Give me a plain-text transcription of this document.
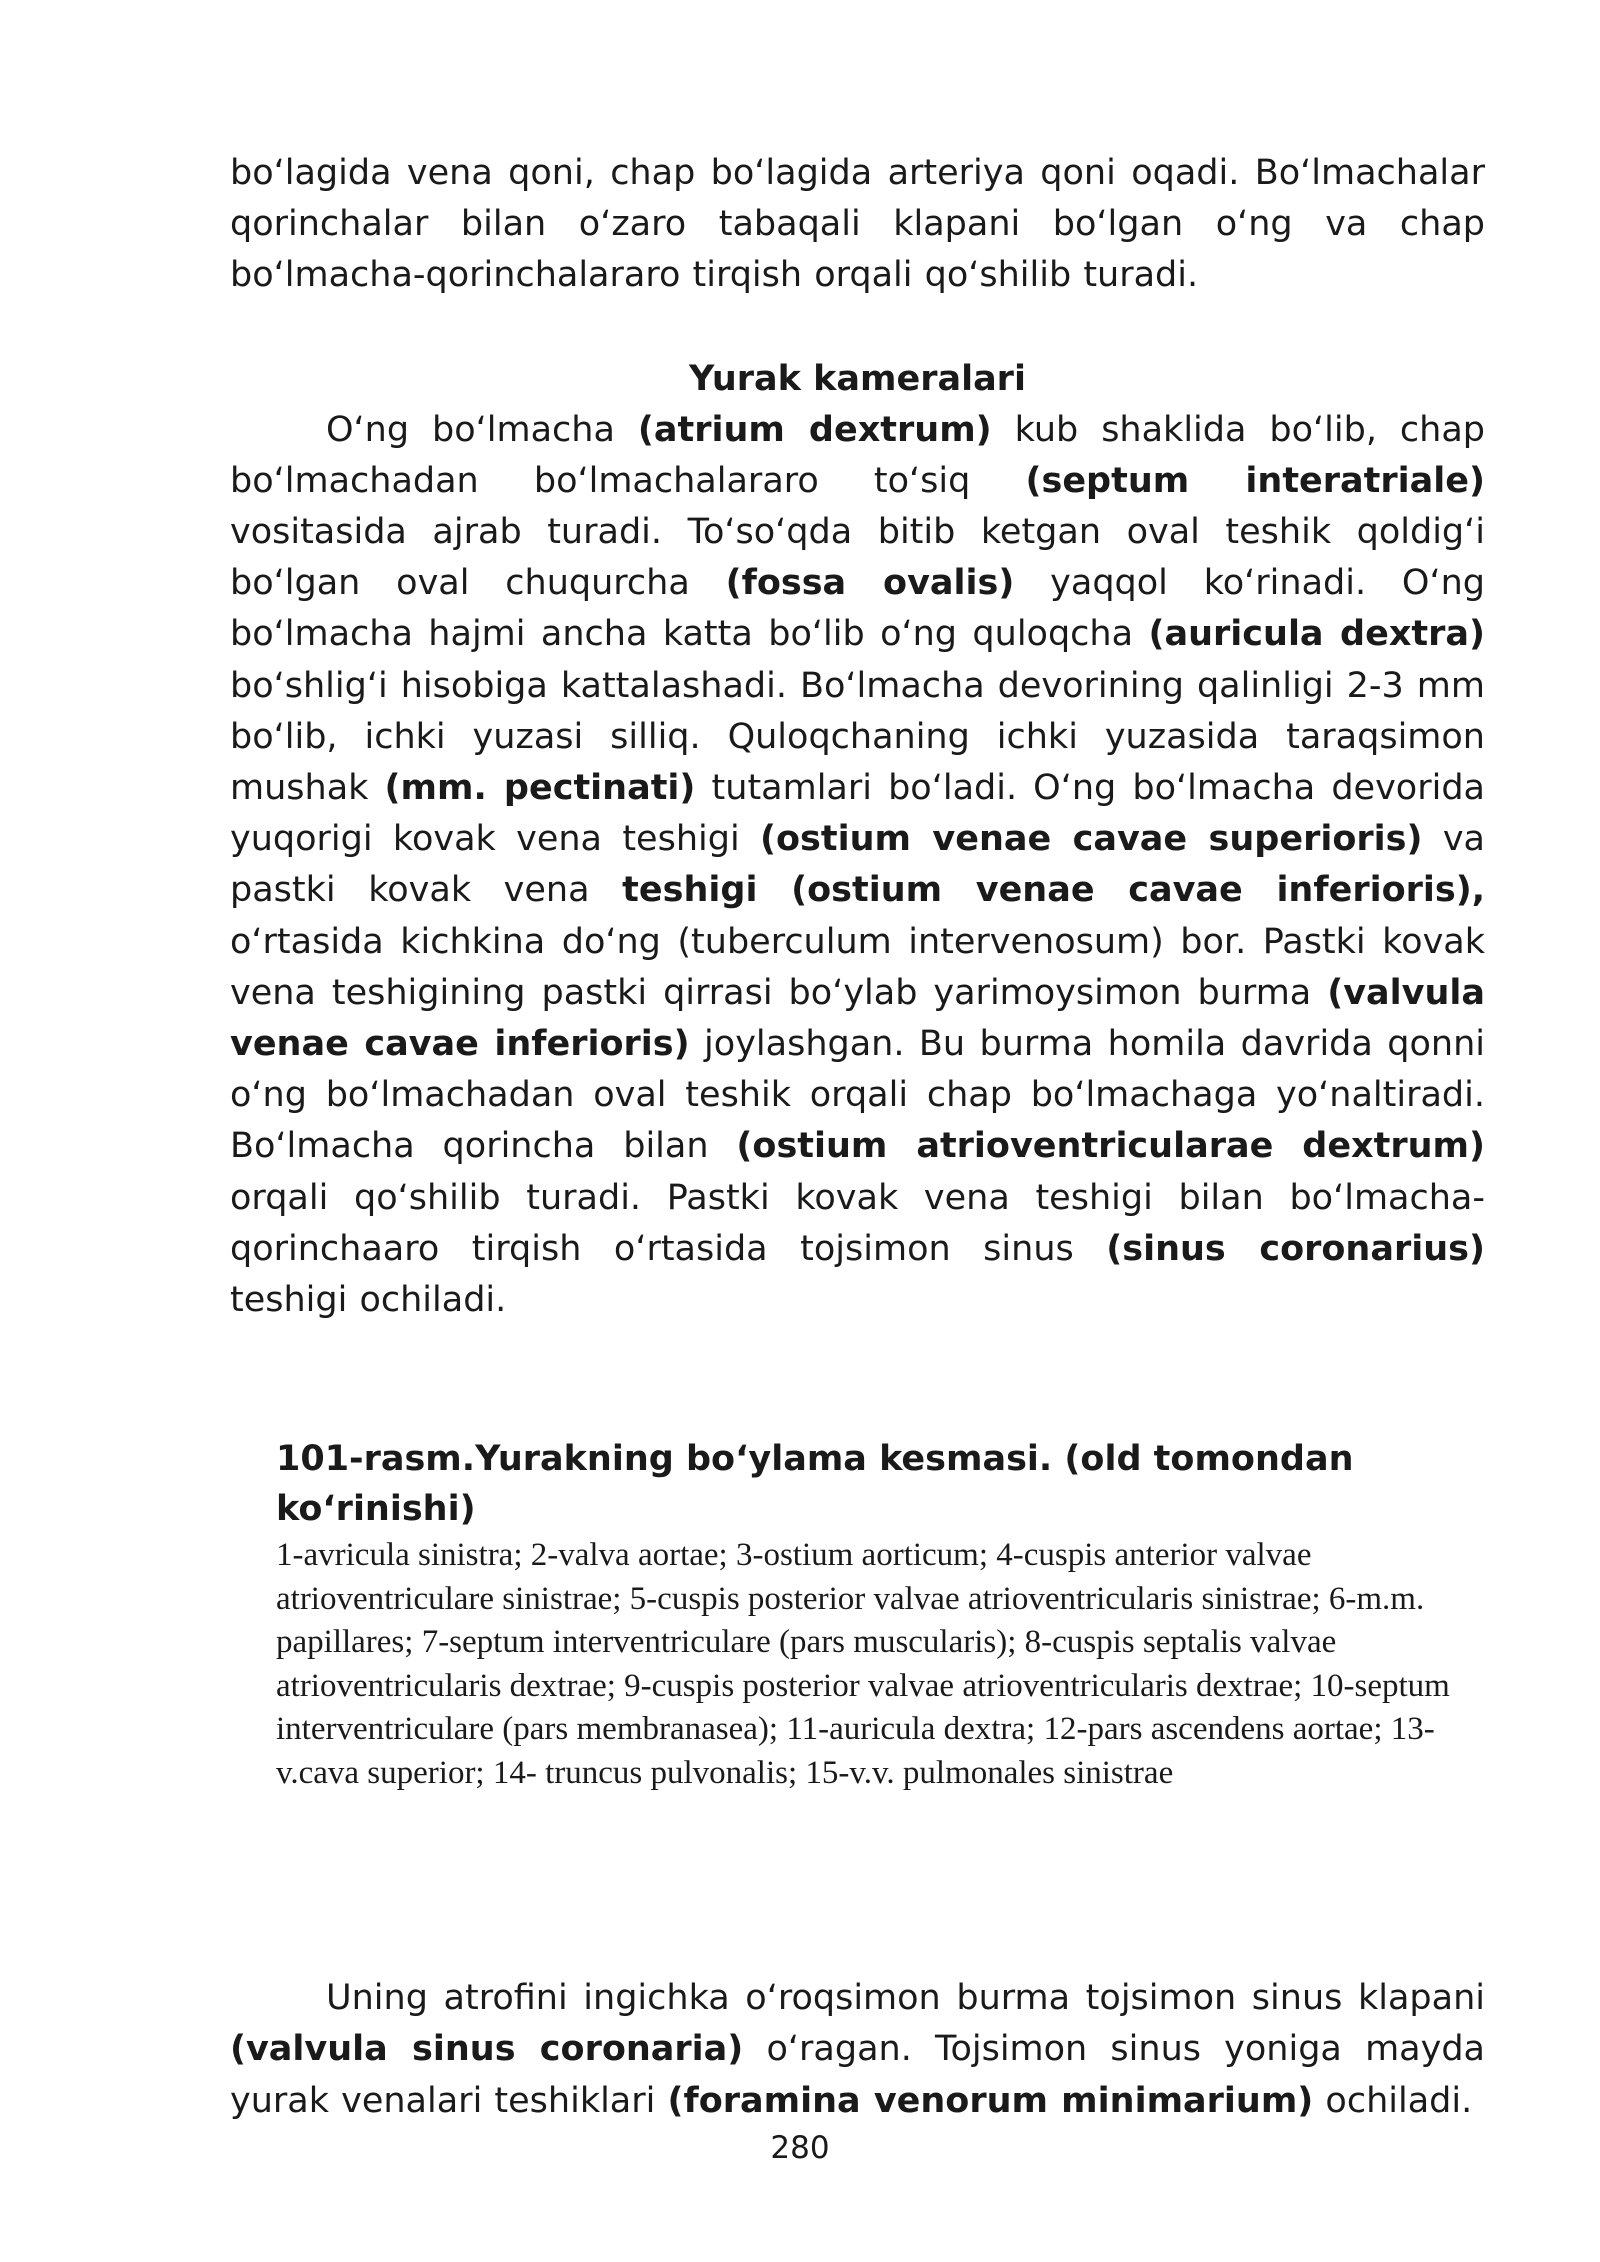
boʻlagida vena qoni, chap boʻlagida arteriya qoni oqadi. Boʻlmachalar qorinchalar bilan oʻzaro tabaqali klapani boʻlgan oʻng va chap boʻlmacha-qorinchalararo tirqish orqali qoʻshilib turadi.

Yurak kameralari

Oʻng boʻlmacha (atrium dextrum) kub shaklida boʻlib, chap boʻlmachadan boʻlmachalararo toʻsiq (septum interatriale) vositasida ajrab turadi. Toʻsoʻqda bitib ketgan oval teshik qoldigʻi boʻlgan oval chuqurcha (fossa ovalis) yaqqol koʻrinadi. Oʻng boʻlmacha hajmi ancha katta boʻlib oʻng quloqcha (auricula dextra) boʻshligʻi hisobiga kattalashadi. Boʻlmacha devorining qalinligi 2-3 mm boʻlib, ichki yuzasi silliq. Quloqchaning ichki yuzasida taraqsimon mushak (mm. pectinati) tutamlari boʻladi. Oʻng boʻlmacha devorida yuqorigi kovak vena teshigi (ostium venae cavae superioris) va pastki kovak vena teshigi (ostium venae cavae inferioris), oʻrtasida kichkina doʻng (tuberculum intervenosum) bor. Pastki kovak vena teshigining pastki qirrasi boʻylab yarimoysimon burma (valvula venae cavae inferioris) joylashgan. Bu burma homila davrida qonni oʻng boʻlmachadan oval teshik orqali chap boʻlmachaga yoʻnaltiradi. Boʻlmacha qorincha bilan (ostium atrioventricularae dextrum) orqali qoʻshilib turadi. Pastki kovak vena teshigi bilan boʻlmacha-qorinchaaro tirqish oʻrtasida tojsimon sinus (sinus coronarius) teshigi ochiladi.

101-rasm.Yurakning boʻylama kesmasi. (old tomondan koʻrinishi)

1-avricula sinistra; 2-valva aortae; 3-ostium aorticum; 4-cuspis anterior valvae atrioventriculare sinistrae; 5-cuspis posterior valvae atrioventricularis sinistrae; 6-m.m. papillares; 7-septum interventriculare (pars muscularis); 8-cuspis septalis valvae atrioventricularis dextrae; 9-cuspis posterior valvae atrioventricularis dextrae; 10-septum interventriculare (pars membranasea); 11-auricula dextra; 12-pars ascendens aortae; 13-v.cava superior; 14- truncus pulvonalis; 15-v.v. pulmonales sinistrae

Uning atrofini ingichka oʻroqsimon burma tojsimon sinus klapani (valvula sinus coronaria) oʻragan. Tojsimon sinus yoniga mayda yurak venalari teshiklari (foramina venorum minimarium) ochiladi.

280
